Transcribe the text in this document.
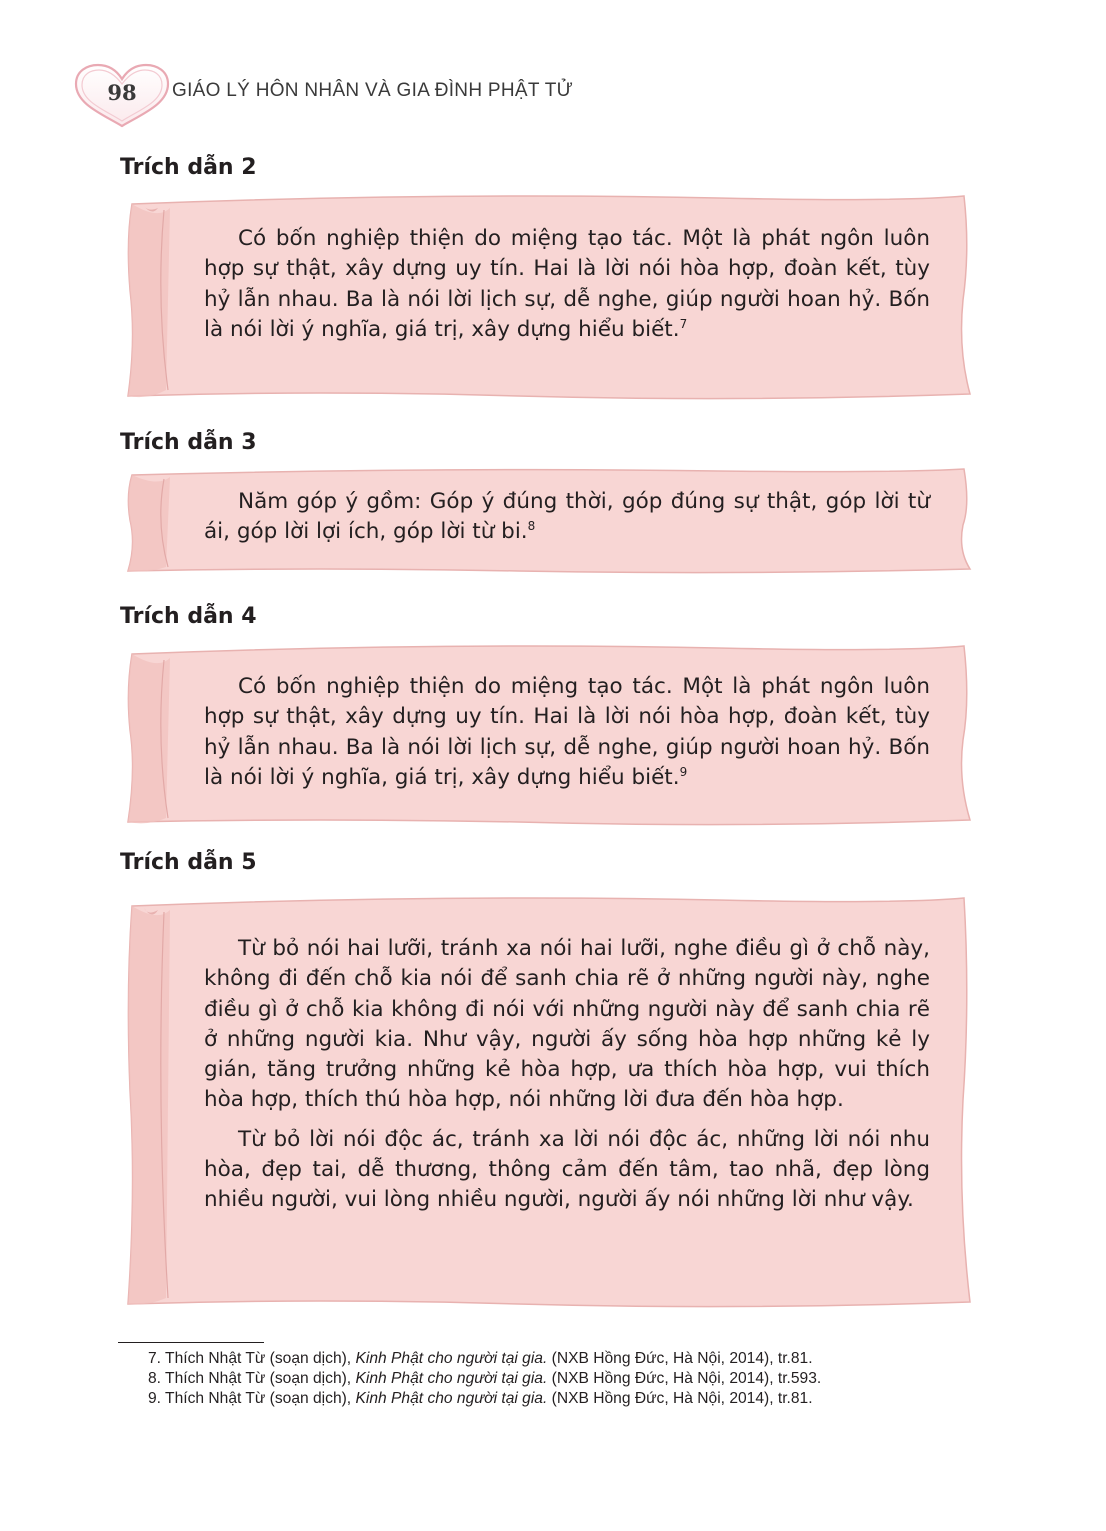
98	GIÁO LÝ HÔN NHÂN VÀ GIA ĐÌNH PHẬT TỬ
Trích dẫn 2

Có bốn nghiệp thiện do miệng tạo tác. Một là phát ngôn luôn hợp sự thật, xây dựng uy tín. Hai là lời nói hòa hợp, đoàn kết, tùy hỷ lẫn nhau. Ba là nói lời lịch sự, dễ nghe, giúp người hoan hỷ. Bốn là nói lời ý nghĩa, giá trị, xây dựng hiểu biết.$^7$

Trích dẫn 3

Năm góp ý gồm: Góp ý đúng thời, góp đúng sự thật, góp lời từ ái, góp lời lợi ích, góp lời từ bi.$^8$

Trích dẫn 4

Có bốn nghiệp thiện do miệng tạo tác. Một là phát ngôn luôn hợp sự thật, xây dựng uy tín. Hai là lời nói hòa hợp, đoàn kết, tùy hỷ lẫn nhau. Ba là nói lời lịch sự, dễ nghe, giúp người hoan hỷ. Bốn là nói lời ý nghĩa, giá trị, xây dựng hiểu biết.$^9$

Trích dẫn 5

Từ bỏ nói hai lưỡi, tránh xa nói hai lưỡi, nghe điều gì ở chỗ này, không đi đến chỗ kia nói để sanh chia rẽ ở những người này, nghe điều gì ở chỗ kia không đi nói với những người này để sanh chia rẽ ở những người kia. Như vậy, người ấy sống hòa hợp những kẻ ly gián, tăng trưởng những kẻ hòa hợp, ưa thích hòa hợp, vui thích hòa hợp, thích thú hòa hợp, nói những lời đưa đến hòa hợp.

Từ bỏ lời nói độc ác, tránh xa lời nói độc ác, những lời nói nhu hòa, đẹp tai, dễ thương, thông cảm đến tâm, tao nhã, đẹp lòng nhiều người, vui lòng nhiều người, người ấy nói những lời như vậy.

7. Thích Nhật Từ (soạn dịch), Kinh Phật cho người tại gia. (NXB Hồng Đức, Hà Nội, 2014), tr.81.

8. Thích Nhật Từ (soạn dịch), Kinh Phật cho người tại gia. (NXB Hồng Đức, Hà Nội, 2014), tr.593.

9. Thích Nhật Từ (soạn dịch), Kinh Phật cho người tại gia. (NXB Hồng Đức, Hà Nội, 2014), tr.81.
